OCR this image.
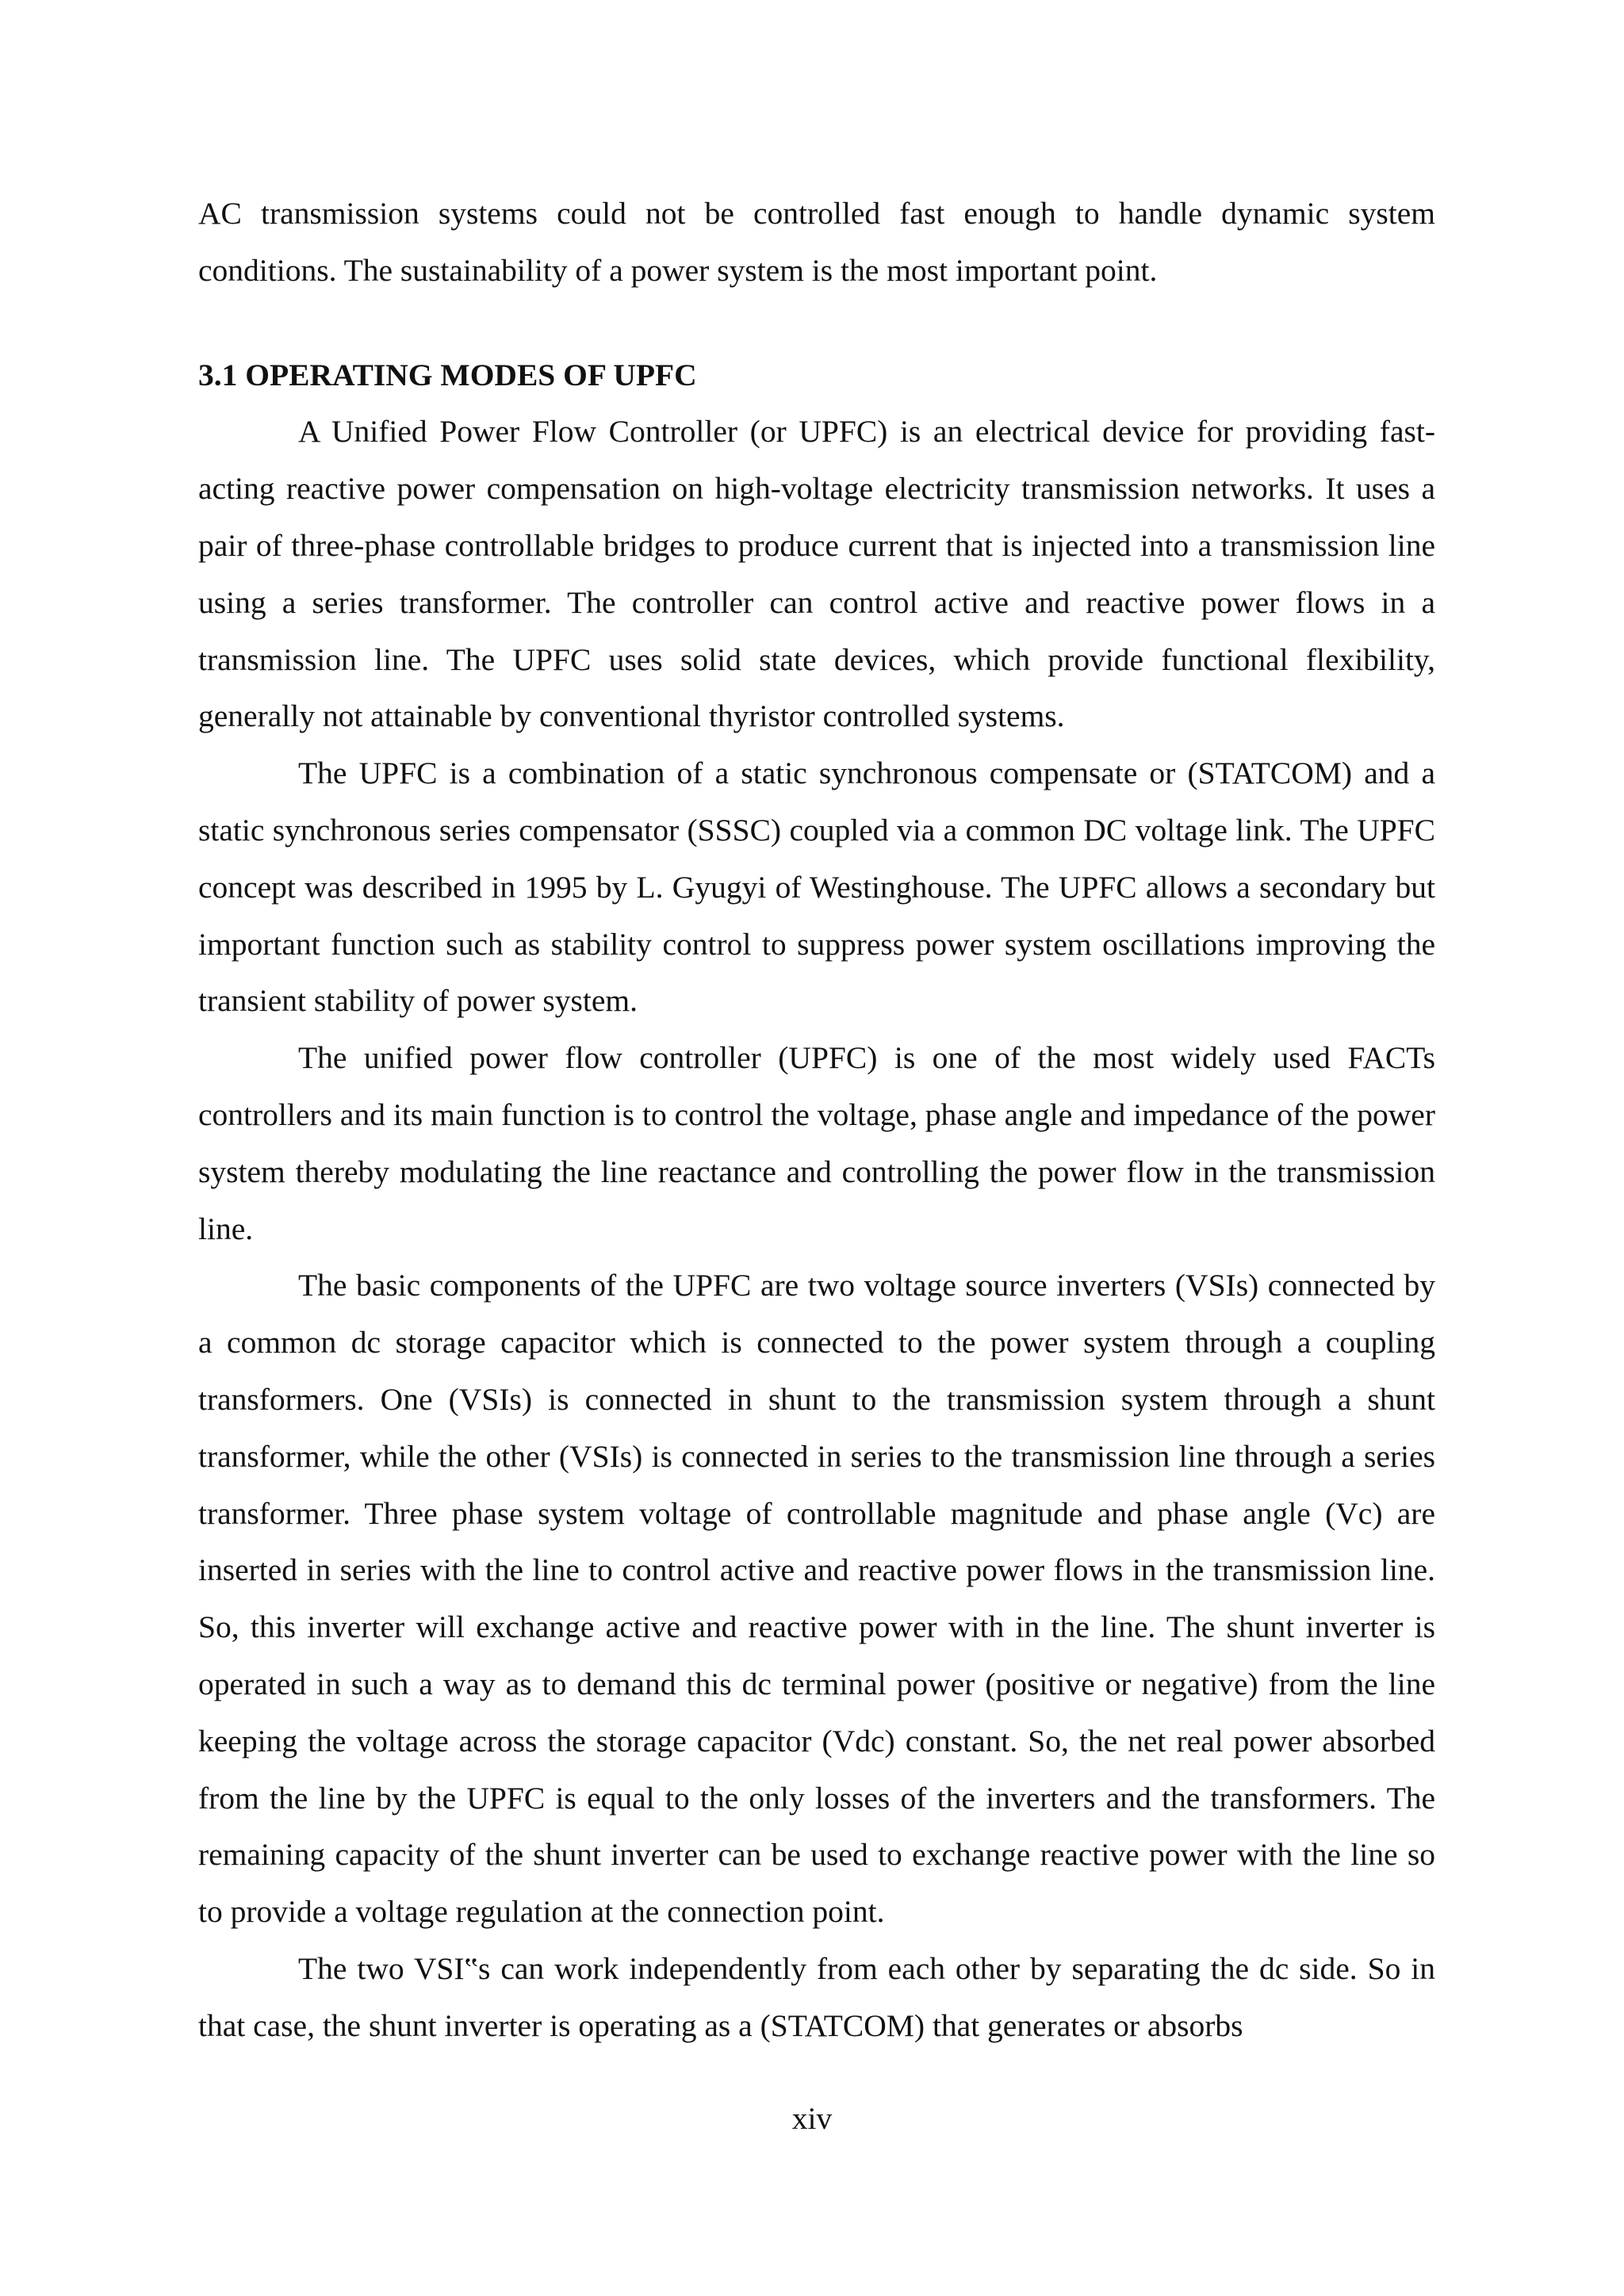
AC transmission systems could not be controlled fast enough to handle dynamic system conditions. The sustainability of a power system is the most important point.

3.1 OPERATING MODES OF UPFC

A Unified Power Flow Controller (or UPFC) is an electrical device for providing fast-acting reactive power compensation on high-voltage electricity transmission networks. It uses a pair of three-phase controllable bridges to produce current that is injected into a transmission line using a series transformer. The controller can control active and reactive power flows in a transmission line. The UPFC uses solid state devices, which provide functional flexibility, generally not attainable by conventional thyristor controlled systems.

The UPFC is a combination of a static synchronous compensate or (STATCOM) and a static synchronous series compensator (SSSC) coupled via a common DC voltage link. The UPFC concept was described in 1995 by L. Gyugyi of Westinghouse. The UPFC allows a secondary but important function such as stability control to suppress power system oscillations improving the transient stability of power system.

The unified power flow controller (UPFC) is one of the most widely used FACTs controllers and its main function is to control the voltage, phase angle and impedance of the power system thereby modulating the line reactance and controlling the power flow in the transmission line.

The basic components of the UPFC are two voltage source inverters (VSIs) connected by a common dc storage capacitor which is connected to the power system through a coupling transformers. One (VSIs) is connected in shunt to the transmission system through a shunt transformer, while the other (VSIs) is connected in series to the transmission line through a series transformer. Three phase system voltage of controllable magnitude and phase angle (Vc) are inserted in series with the line to control active and reactive power flows in the transmission line. So, this inverter will exchange active and reactive power with in the line. The shunt inverter is operated in such a way as to demand this dc terminal power (positive or negative) from the line keeping the voltage across the storage capacitor (Vdc) constant. So, the net real power absorbed from the line by the UPFC is equal to the only losses of the inverters and the transformers. The remaining capacity of the shunt inverter can be used to exchange reactive power with the line so to provide a voltage regulation at the connection point.

The two VSI‟s can work independently from each other by separating the dc side. So in that case, the shunt inverter is operating as a (STATCOM) that generates or absorbs

xiv
